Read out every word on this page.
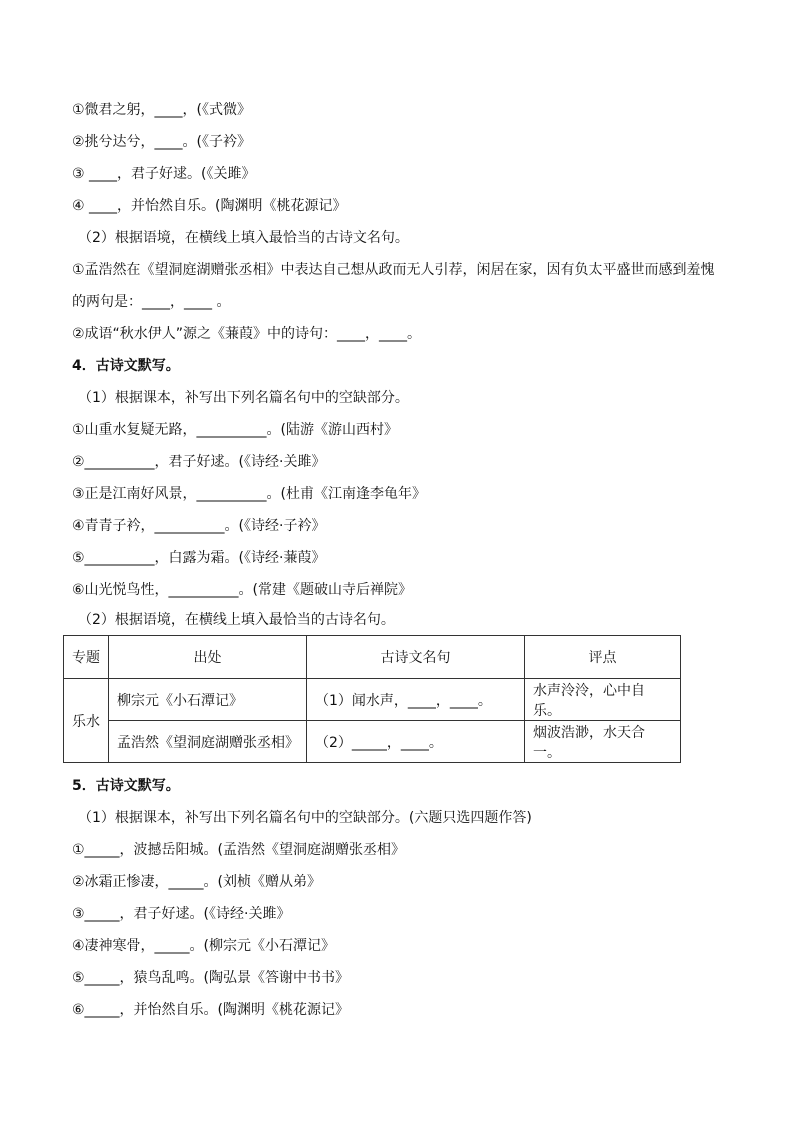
①微君之躬，____，(《式微》
②挑兮达兮，____。(《子衿》
③ ____，君子好逑。(《关雎》
④ ____，并怡然自乐。(陶渊明《桃花源记》
（2）根据语境，在横线上填入最恰当的古诗文名句。
①孟浩然在《望洞庭湖赠张丞相》中表达自己想从政而无人引荐，闲居在家，因有负太平盛世而感到羞愧
的两句是：____，____ 。
②成语“秋水伊人”源之《蒹葭》中的诗句：____，____。
4．古诗文默写。
（1）根据课本，补写出下列名篇名句中的空缺部分。
①山重水复疑无路，__________。(陆游《游山西村》
②__________，君子好逑。(《诗经·关雎》
③正是江南好风景，__________。(杜甫《江南逢李龟年》
④青青子衿，__________。(《诗经·子衿》
⑤__________，白露为霜。(《诗经·蒹葭》
⑥山光悦鸟性，__________。(常建《题破山寺后禅院》
（2）根据语境，在横线上填入最恰当的古诗名句。
专题	出处	古诗文名句	评点
乐水	柳宗元《小石潭记》	（1）闻水声，____，____。	水声泠泠，心中自乐。
	孟浩然《望洞庭湖赠张丞相》	（2）_____，____。	烟波浩渺，水天合一。
5．古诗文默写。
（1）根据课本，补写出下列名篇名句中的空缺部分。(六题只选四题作答)
①_____，波撼岳阳城。(孟浩然《望洞庭湖赠张丞相》
②冰霜正惨凄，_____。(刘桢《赠从弟》
③_____，君子好逑。(《诗经·关雎》
④凄神寒骨，_____。(柳宗元《小石潭记》
⑤_____，猿鸟乱鸣。(陶弘景《答谢中书书》
⑥_____，并怡然自乐。(陶渊明《桃花源记》
